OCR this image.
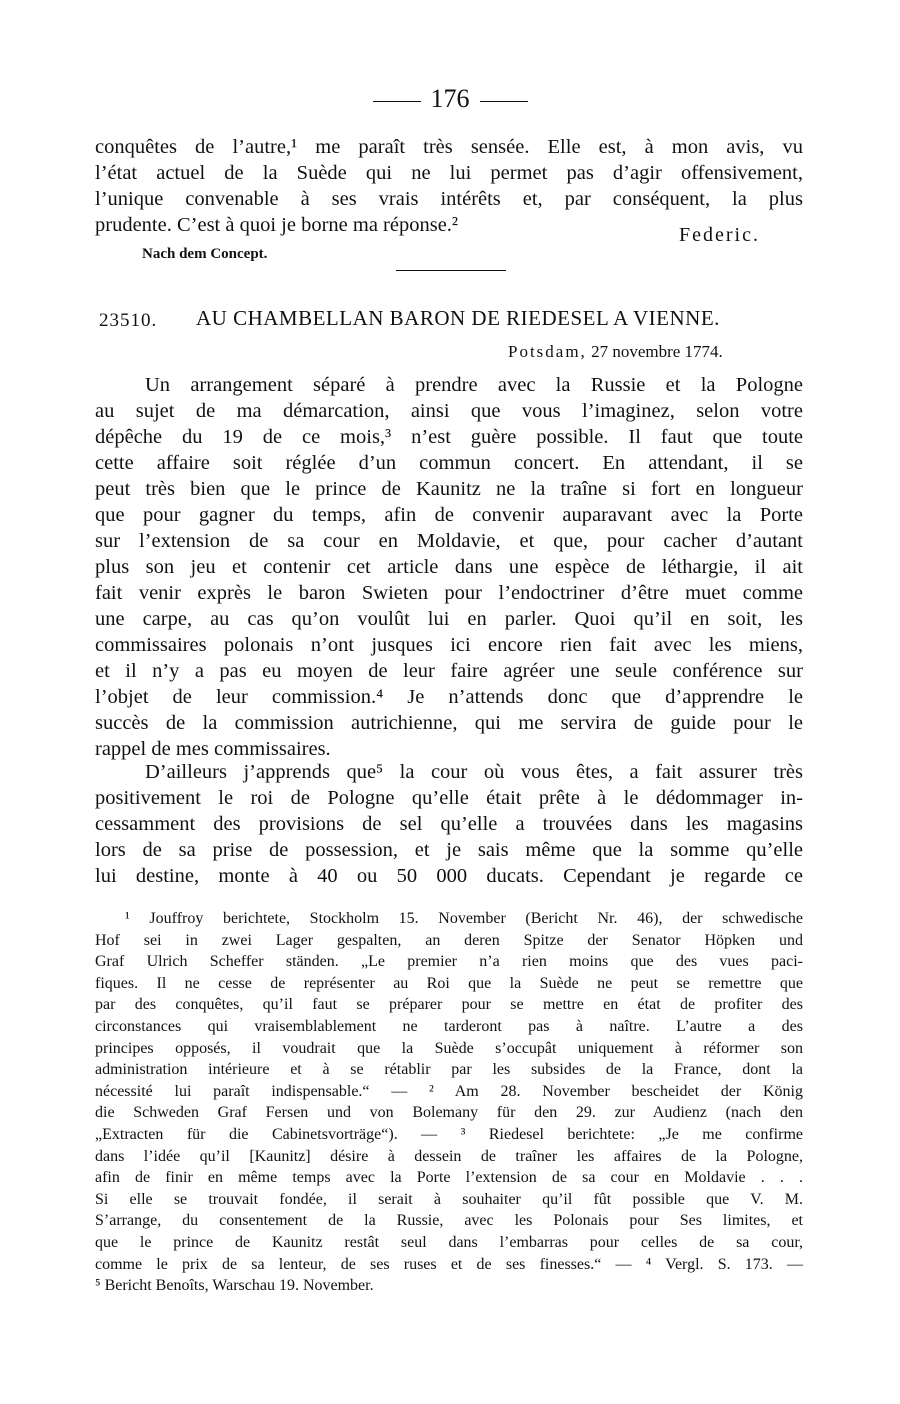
176
conquêtes de l’autre,¹ me paraît très sensée. Elle est, à mon avis, vu
l’état actuel de la Suède qui ne lui permet pas d’agir offensivement,
l’unique convenable à ses vrais intérêts et, par conséquent, la plus
prudente. C’est à quoi je borne ma réponse.²	Federic.
Nach dem Concept.
23510. AU CHAMBELLAN BARON DE RIEDESEL A VIENNE.
Potsdam, 27 novembre 1774.
Un arrangement séparé à prendre avec la Russie et la Pologne
au sujet de ma démarcation, ainsi que vous l’imaginez, selon votre
dépêche du 19 de ce mois,³ n’est guère possible. Il faut que toute
cette affaire soit réglée d’un commun concert. En attendant, il se
peut très bien que le prince de Kaunitz ne la traîne si fort en longueur
que pour gagner du temps, afin de convenir auparavant avec la Porte
sur l’extension de sa cour en Moldavie, et que, pour cacher d’autant
plus son jeu et contenir cet article dans une espèce de léthargie, il ait
fait venir exprès le baron Swieten pour l’endoctriner d’être muet comme
une carpe, au cas qu’on voulût lui en parler. Quoi qu’il en soit, les
commissaires polonais n’ont jusques ici encore rien fait avec les miens,
et il n’y a pas eu moyen de leur faire agréer une seule conférence sur
l’objet de leur commission.⁴ Je n’attends donc que d’apprendre le
succès de la commission autrichienne, qui me servira de guide pour le
rappel de mes commissaires.
D’ailleurs j’apprends que⁵ la cour où vous êtes, a fait assurer très
positivement le roi de Pologne qu’elle était prête à le dédommager in-
cessamment des provisions de sel qu’elle a trouvées dans les magasins
lors de sa prise de possession, et je sais même que la somme qu’elle
lui destine, monte à 40 ou 50 000 ducats. Cependant je regarde ce
¹ Jouffroy berichtete, Stockholm 15. November (Bericht Nr. 46), der schwedische
Hof sei in zwei Lager gespalten, an deren Spitze der Senator Höpken und
Graf Ulrich Scheffer ständen. „Le premier n’a rien moins que des vues paci-
fiques. Il ne cesse de représenter au Roi que la Suède ne peut se remettre que
par des conquêtes, qu’il faut se préparer pour se mettre en état de profiter des
circonstances qui vraisemblablement ne tarderont pas à naître. L’autre a des
principes opposés, il voudrait que la Suède s’occupât uniquement à réformer son
administration intérieure et à se rétablir par les subsides de la France, dont la
nécessité lui paraît indispensable.“ — ² Am 28. November bescheidet der König
die Schweden Graf Fersen und von Bolemany für den 29. zur Audienz (nach den
„Extracten für die Cabinetsvorträge“). — ³ Riedesel berichtete: „Je me confirme
dans l’idée qu’il [Kaunitz] désire à dessein de traîner les affaires de la Pologne,
afin de finir en même temps avec la Porte l’extension de sa cour en Moldavie . . .
Si elle se trouvait fondée, il serait à souhaiter qu’il fût possible que V. M.
S’arrange, du consentement de la Russie, avec les Polonais pour Ses limites, et
que le prince de Kaunitz restât seul dans l’embarras pour celles de sa cour,
comme le prix de sa lenteur, de ses ruses et de ses finesses.“ — ⁴ Vergl. S. 173. —
⁵ Bericht Benoîts, Warschau 19. November.
